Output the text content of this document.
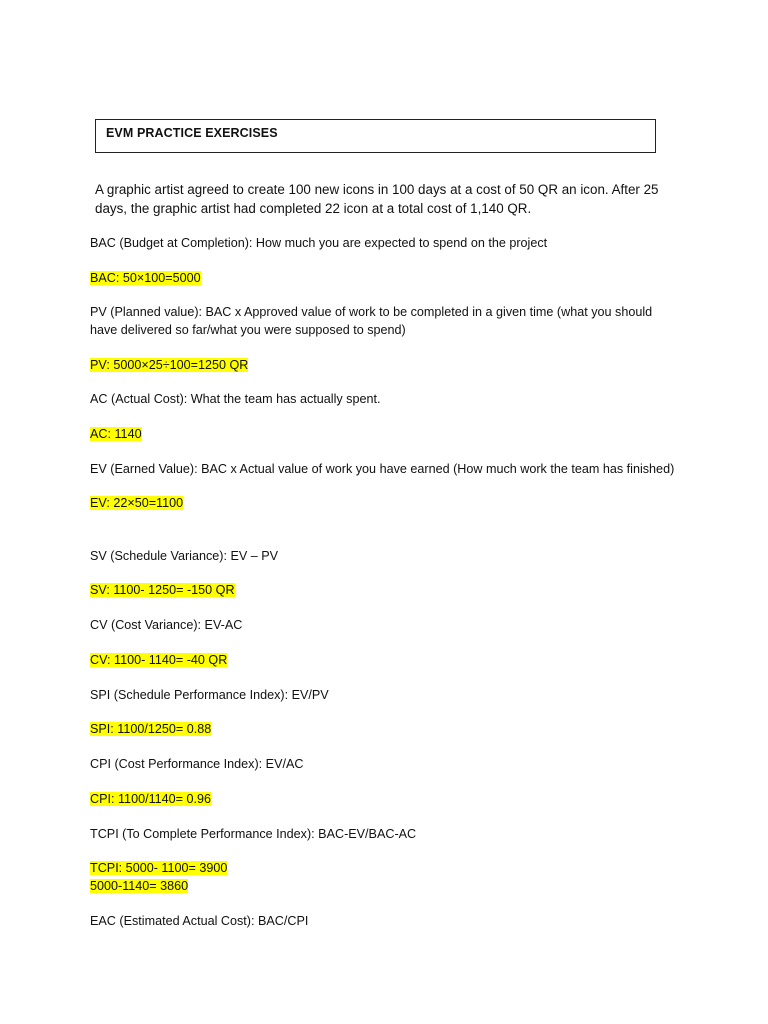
EVM PRACTICE EXERCISES
A graphic artist agreed to create 100 new icons in 100 days at a cost of 50 QR an icon. After 25 days, the graphic artist had completed 22 icon at a total cost of 1,140 QR.
BAC (Budget at Completion): How much you are expected to spend on the project
BAC: 50×100=5000
PV (Planned value): BAC x Approved value of work to be completed in a given time (what you should have delivered so far/what you were supposed to spend)
PV: 5000×25÷100=1250 QR
AC (Actual Cost): What the team has actually spent.
AC: 1140
EV (Earned Value): BAC x Actual value of work you have earned (How much work the team has finished)
EV: 22×50=1100
SV (Schedule Variance): EV – PV
SV: 1100- 1250= -150 QR
CV (Cost Variance): EV-AC
CV: 1100- 1140= -40 QR
SPI (Schedule Performance Index): EV/PV
SPI: 1100/1250= 0.88
CPI (Cost Performance Index): EV/AC
CPI: 1100/1140= 0.96
TCPI (To Complete Performance Index): BAC-EV/BAC-AC
TCPI: 5000- 1100= 3900
5000-1140= 3860
EAC (Estimated Actual Cost): BAC/CPI
